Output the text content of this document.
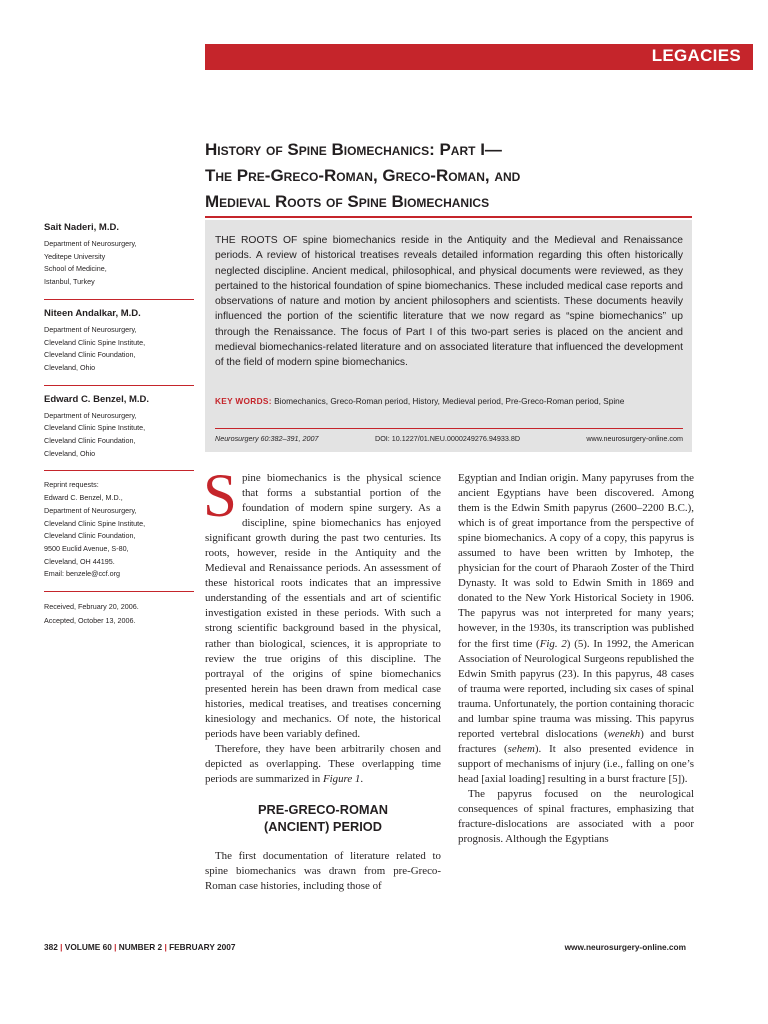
LEGACIES
History of Spine Biomechanics: Part I—
The Pre-Greco-Roman, Greco-Roman, and
Medieval Roots of Spine Biomechanics
THE ROOTS OF spine biomechanics reside in the Antiquity and the Medieval and Renaissance periods. A review of historical treatises reveals detailed information regarding this often historically neglected discipline. Ancient medical, philosophical, and physical documents were reviewed, as they pertained to the historical foundation of spine biomechanics. These included medical case reports and observations of nature and motion by ancient philosophers and scientists. These documents heavily influenced the portion of the scientific literature that we now regard as “spine biomechanics” up through the Renaissance. The focus of Part I of this two-part series is placed on the ancient and medieval biomechanics-related literature and on associated literature that influenced the development of the field of modern spine biomechanics.
KEY WORDS: Biomechanics, Greco-Roman period, History, Medieval period, Pre-Greco-Roman period, Spine
Neurosurgery 60:382–391, 2007	DOI: 10.1227/01.NEU.0000249276.94933.8D	www.neurosurgery-online.com
Sait Naderi, M.D.
Department of Neurosurgery,
Yeditepe University
School of Medicine,
Istanbul, Turkey
Niteen Andalkar, M.D.
Department of Neurosurgery,
Cleveland Clinic Spine Institute,
Cleveland Clinic Foundation,
Cleveland, Ohio
Edward C. Benzel, M.D.
Department of Neurosurgery,
Cleveland Clinic Spine Institute,
Cleveland Clinic Foundation,
Cleveland, Ohio
Reprint requests:
Edward C. Benzel, M.D.,
Department of Neurosurgery,
Cleveland Clinic Spine Institute,
Cleveland Clinic Foundation,
9500 Euclid Avenue, S-80,
Cleveland, OH 44195.
Email: benzele@ccf.org
Received, February 20, 2006.
Accepted, October 13, 2006.

Spine biomechanics is the physical science that forms a substantial portion of the foundation of modern spine surgery. As a discipline, spine biomechanics has enjoyed significant growth during the past two centuries. Its roots, however, reside in the Antiquity and the Medieval and Renaissance periods. An assessment of these historical roots indicates that an impressive understanding of the essentials and art of scientific investigation existed in these periods. With such a strong scientific background based in the physical, rather than biological, sciences, it is appropriate to review the true origins of this discipline. The portrayal of the origins of spine biomechanics presented herein has been drawn from medical case histories, medical treatises, and treatises concerning kinesiology and mechanics. Of note, the historical periods have been variably defined.

Therefore, they have been arbitrarily chosen and depicted as overlapping. These overlapping time periods are summarized in Figure 1.

PRE-GRECO-ROMAN
(ANCIENT) PERIOD

The first documentation of literature related to spine biomechanics was drawn from pre-Greco-Roman case histories, including those of

Egyptian and Indian origin. Many papyruses from the ancient Egyptians have been discovered. Among them is the Edwin Smith papyrus (2600–2200 B.C.), which is of great importance from the perspective of spine biomechanics. A copy of a copy, this papyrus is assumed to have been written by Imhotep, the physician for the court of Pharaoh Zoster of the Third Dynasty. It was sold to Edwin Smith in 1869 and donated to the New York Historical Society in 1906. The papyrus was not interpreted for many years; however, in the 1930s, its transcription was published for the first time (Fig. 2) (5). In 1992, the American Association of Neurological Surgeons republished the Edwin Smith papyrus (23). In this papyrus, 48 cases of trauma were reported, including six cases of spinal trauma. Unfortunately, the portion containing thoracic and lumbar spine trauma was missing. This papyrus reported vertebral dislocations (wenekh) and burst fractures (sehem). It also presented evidence in support of mechanisms of injury (i.e., falling on one’s head [axial loading] resulting in a burst fracture [5]).

The papyrus focused on the neurological consequences of spinal fractures, emphasizing that fracture-dislocations are associated with a poor prognosis. Although the Egyptians

382 | VOLUME 60 | NUMBER 2 | FEBRUARY 2007	www.neurosurgery-online.com
